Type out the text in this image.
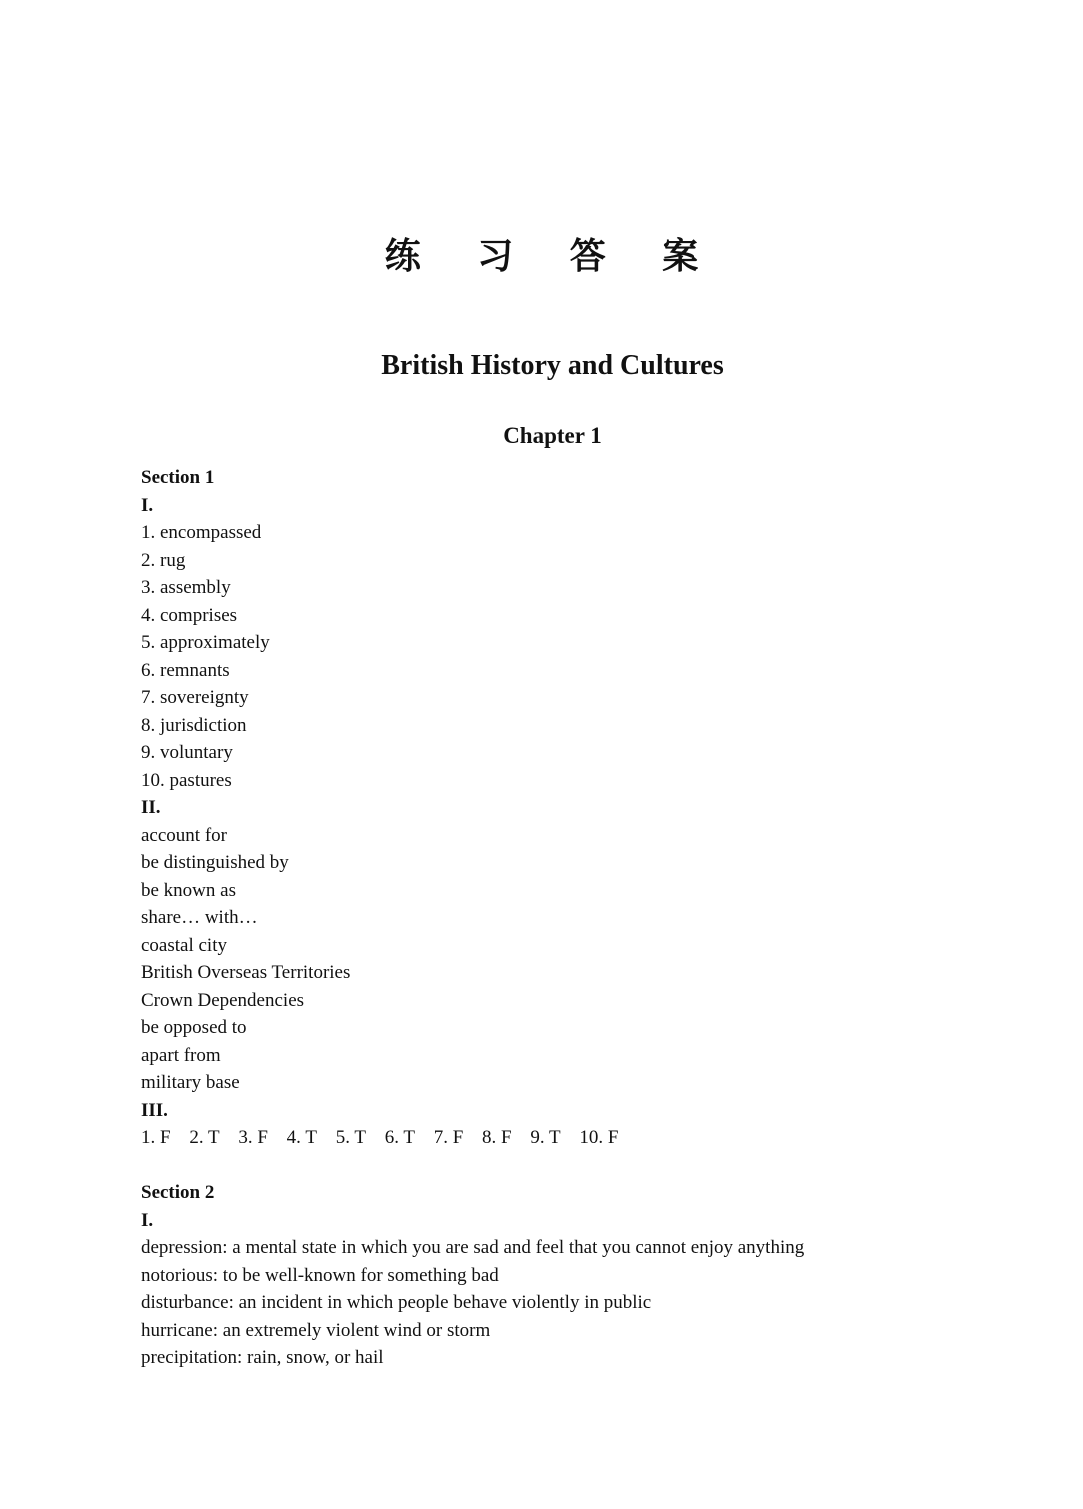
练 习 答 案
British History and Cultures
Chapter 1
Section 1
I.
1. encompassed
2. rug
3. assembly
4. comprises
5. approximately
6. remnants
7. sovereignty
8. jurisdiction
9. voluntary
10. pastures
II.
account for
be distinguished by
be known as
share… with…
coastal city
British Overseas Territories
Crown Dependencies
be opposed to
apart from
military base
III.
1. F 2. T 3. F 4. T 5. T 6. T 7. F 8. F 9. T 10. F
Section 2
I.
depression: a mental state in which you are sad and feel that you cannot enjoy anything
notorious: to be well-known for something bad
disturbance: an incident in which people behave violently in public
hurricane: an extremely violent wind or storm
precipitation: rain, snow, or hail
